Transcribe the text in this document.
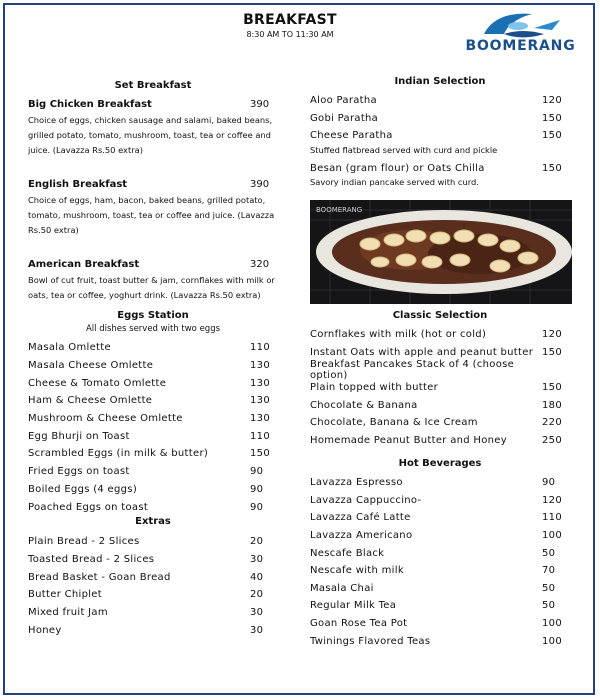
BREAKFAST
8:30 AM TO 11:30 AM
BOOMERANG
Set Breakfast
Big Chicken Breakfast	390
Choice of eggs, chicken sausage and salami, baked beans,
grilled potato, tomato, mushroom, toast, tea or coffee and
juice. (Lavazza Rs.50 extra)
English Breakfast	390
Choice of eggs, ham, bacon, baked beans, grilled potato,
tomato, mushroom, toast, tea or coffee and juice. (Lavazza
Rs.50 extra)
American Breakfast	320
Bowl of cut fruit, toast butter & jam, cornflakes with milk or
oats, tea or coffee, yoghurt drink. (Lavazza Rs.50 extra)
Eggs Station
All dishes served with two eggs
Masala Omlette	110
Masala Cheese Omlette	130
Cheese & Tomato Omlette	130
Ham & Cheese Omlette	130
Mushroom & Cheese Omlette	130
Egg Bhurji on Toast	110
Scrambled Eggs (in milk & butter)	150
Fried Eggs on toast	90
Boiled Eggs (4 eggs)	90
Poached Eggs on toast	90
Extras
Plain Bread - 2 Slices	20
Toasted Bread - 2 Slices	30
Bread Basket - Goan Bread	40
Butter Chiplet	20
Mixed fruit Jam	30
Honey	30
Indian Selection
Aloo Paratha	120
Gobi Paratha	150
Cheese Paratha	150
Stuffed flatbread served with curd and pickle
Besan (gram flour) or Oats Chilla	150
Savory indian pancake served with curd.
BOOMERANG
Classic Selection
Cornflakes with milk (hot or cold)	120
Instant Oats with apple and peanut butter 150
Breakfast Pancakes Stack of 4 (choose option)
Plain topped with butter	150
Chocolate & Banana	180
Chocolate, Banana & Ice Cream	220
Homemade Peanut Butter and Honey	250
Hot Beverages
Lavazza Espresso	90
Lavazza Cappuccino-	120
Lavazza Café Latte	110
Lavazza Americano	100
Nescafe Black	50
Nescafe with milk	70
Masala Chai	50
Regular Milk Tea	50
Goan Rose Tea Pot	100
Twinings Flavored Teas	100
